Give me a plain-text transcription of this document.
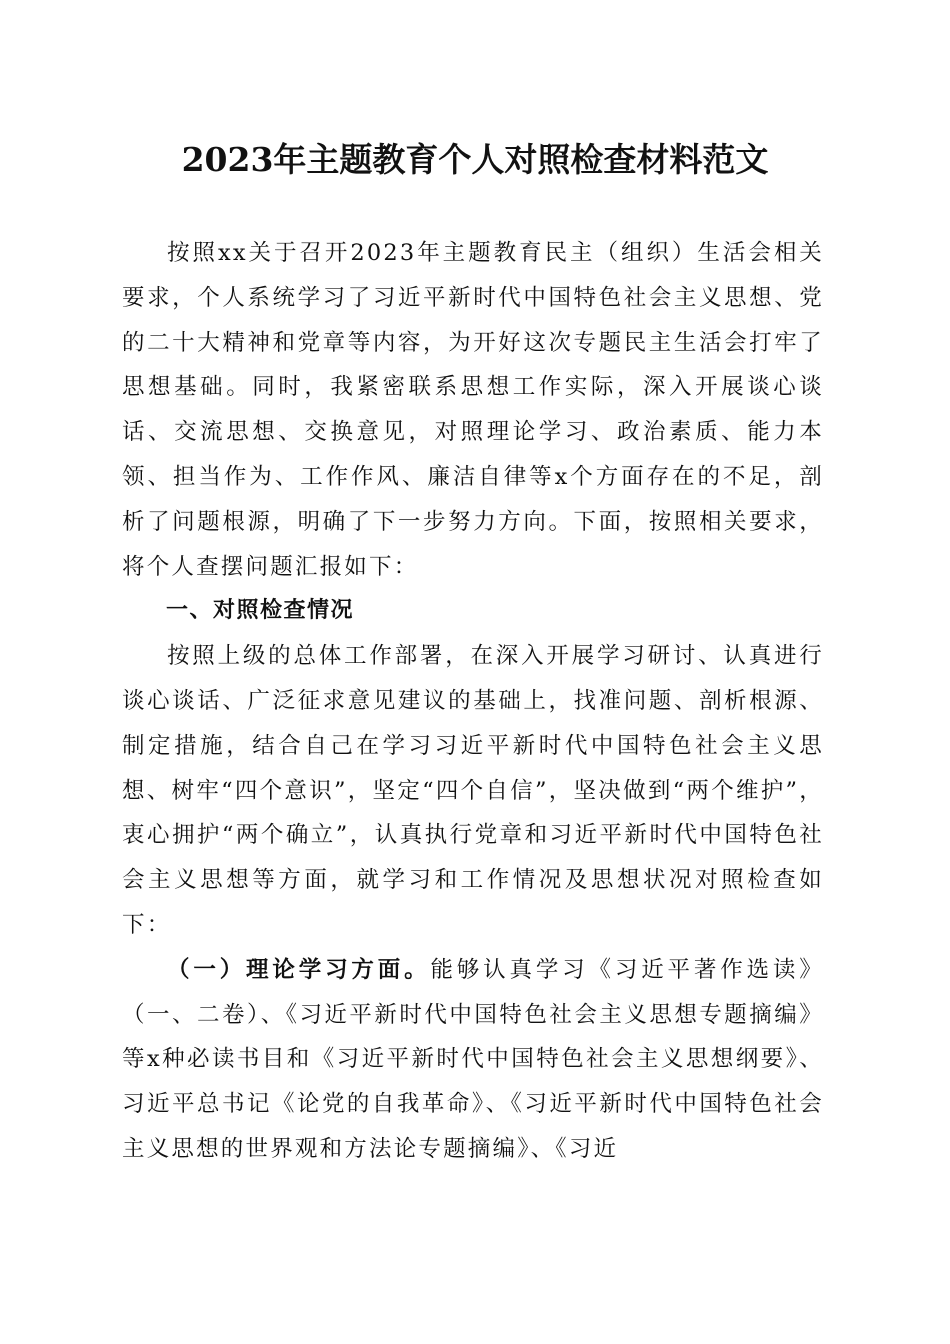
2023年主题教育个人对照检查材料范文

按照xx关于召开2023年主题教育民主（组织）生活会相关要求，个人系统学习了习近平新时代中国特色社会主义思想、党的二十大精神和党章等内容，为开好这次专题民主生活会打牢了思想基础。同时，我紧密联系思想工作实际，深入开展谈心谈话、交流思想、交换意见，对照理论学习、政治素质、能力本领、担当作为、工作作风、廉洁自律等x个方面存在的不足，剖析了问题根源，明确了下一步努力方向。下面，按照相关要求，将个人查摆问题汇报如下：

一、对照检查情况

按照上级的总体工作部署，在深入开展学习研讨、认真进行谈心谈话、广泛征求意见建议的基础上，找准问题、剖析根源、制定措施，结合自己在学习习近平新时代中国特色社会主义思想、树牢“四个意识”，坚定“四个自信”，坚决做到“两个维护”，衷心拥护“两个确立”，认真执行党章和习近平新时代中国特色社会主义思想等方面，就学习和工作情况及思想状况对照检查如下：

（一）理论学习方面。能够认真学习《习近平著作选读》（一、二卷）、《习近平新时代中国特色社会主义思想专题摘编》等x种必读书目和《习近平新时代中国特色社会主义思想纲要》、习近平总书记《论党的自我革命》、《习近平新时代中国特色社会主义思想的世界观和方法论专题摘编》、《习近
